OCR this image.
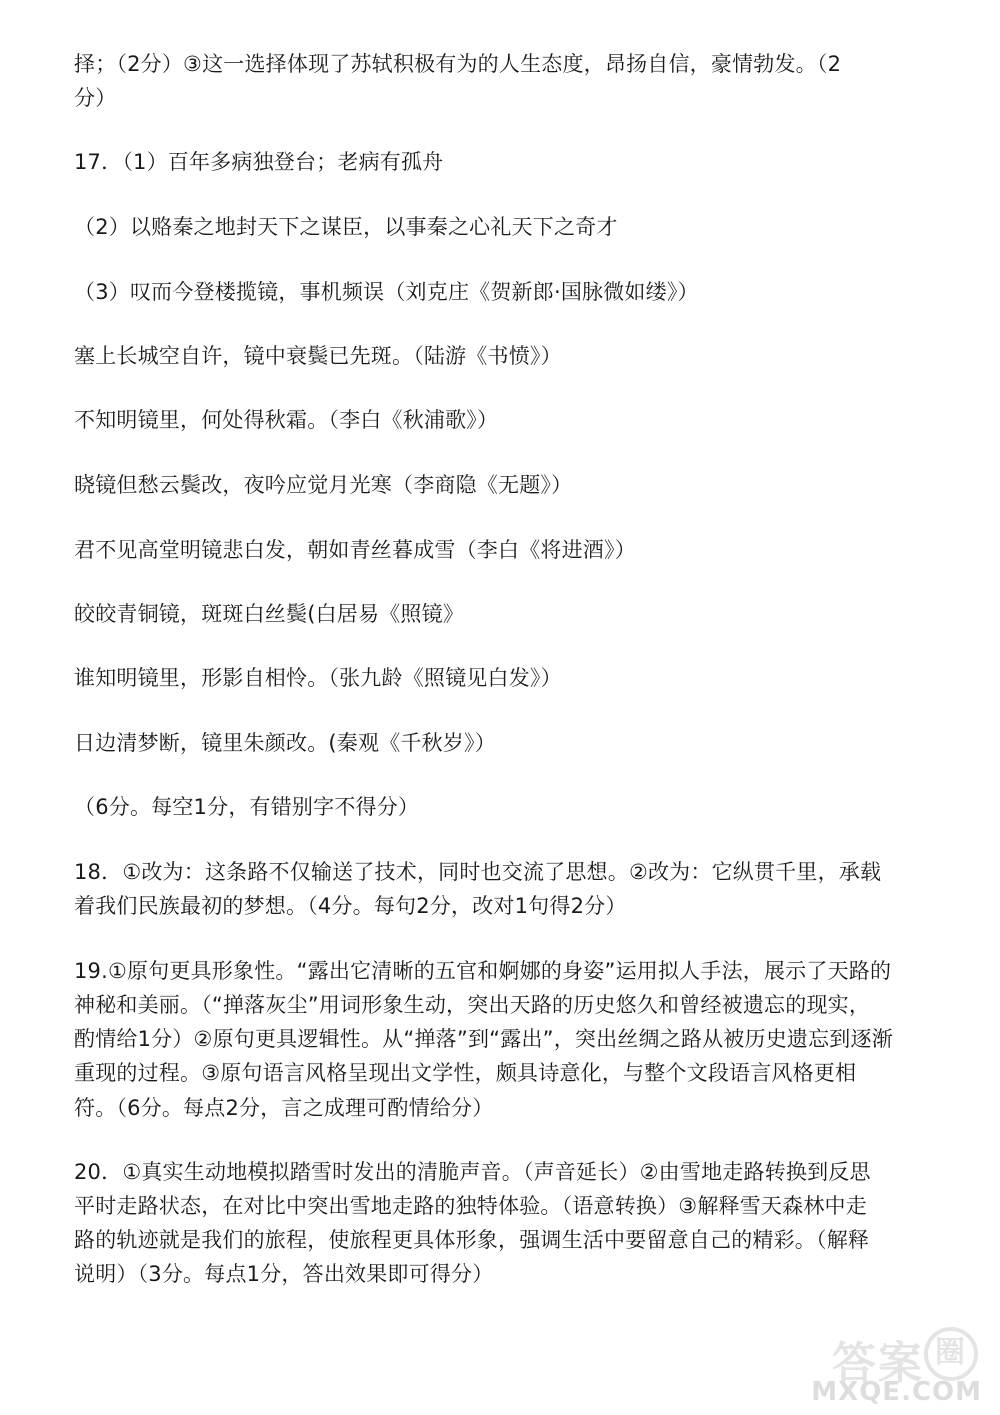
择；（2分）③这一选择体现了苏轼积极有为的人生态度，昂扬自信，豪情勃发。（2
分）
17．（1）百年多病独登台；老病有孤舟
（2）以赂秦之地封天下之谋臣，以事秦之心礼天下之奇才
（3）叹而今登楼揽镜，事机频误（刘克庄《贺新郎·国脉微如缕》）
塞上长城空自许，镜中衰鬓已先斑。（陆游《书愤》）
不知明镜里，何处得秋霜。（李白《秋浦歌》）
晓镜但愁云鬓改，夜吟应觉月光寒（李商隐《无题》）
君不见高堂明镜悲白发，朝如青丝暮成雪（李白《将进酒》）
皎皎青铜镜，斑斑白丝鬓(白居易《照镜》
谁知明镜里，形影自相怜。（张九龄《照镜见白发》）
日边清梦断，镜里朱颜改。(秦观《千秋岁》）
（6分。每空1分，有错别字不得分）
18．①改为：这条路不仅输送了技术，同时也交流了思想。②改为：它纵贯千里，承载
着我们民族最初的梦想。（4分。每句2分，改对1句得2分）
19.①原句更具形象性。“露出它清晰的五官和婀娜的身姿”运用拟人手法，展示了天路的
神秘和美丽。（“掸落灰尘”用词形象生动，突出天路的历史悠久和曾经被遗忘的现实，
酌情给1分）②原句更具逻辑性。从“掸落”到“露出”，突出丝绸之路从被历史遗忘到逐渐
重现的过程。③原句语言风格呈现出文学性，颇具诗意化，与整个文段语言风格更相
符。（6分。每点2分，言之成理可酌情给分）
20．①真实生动地模拟踏雪时发出的清脆声音。（声音延长）②由雪地走路转换到反思
平时走路状态，在对比中突出雪地走路的独特体验。（语意转换）③解释雪天森林中走
路的轨迹就是我们的旅程，使旅程更具体形象，强调生活中要留意自己的精彩。（解释
说明）（3分。每点1分，答出效果即可得分）
答案 圈
MXQE.COM
